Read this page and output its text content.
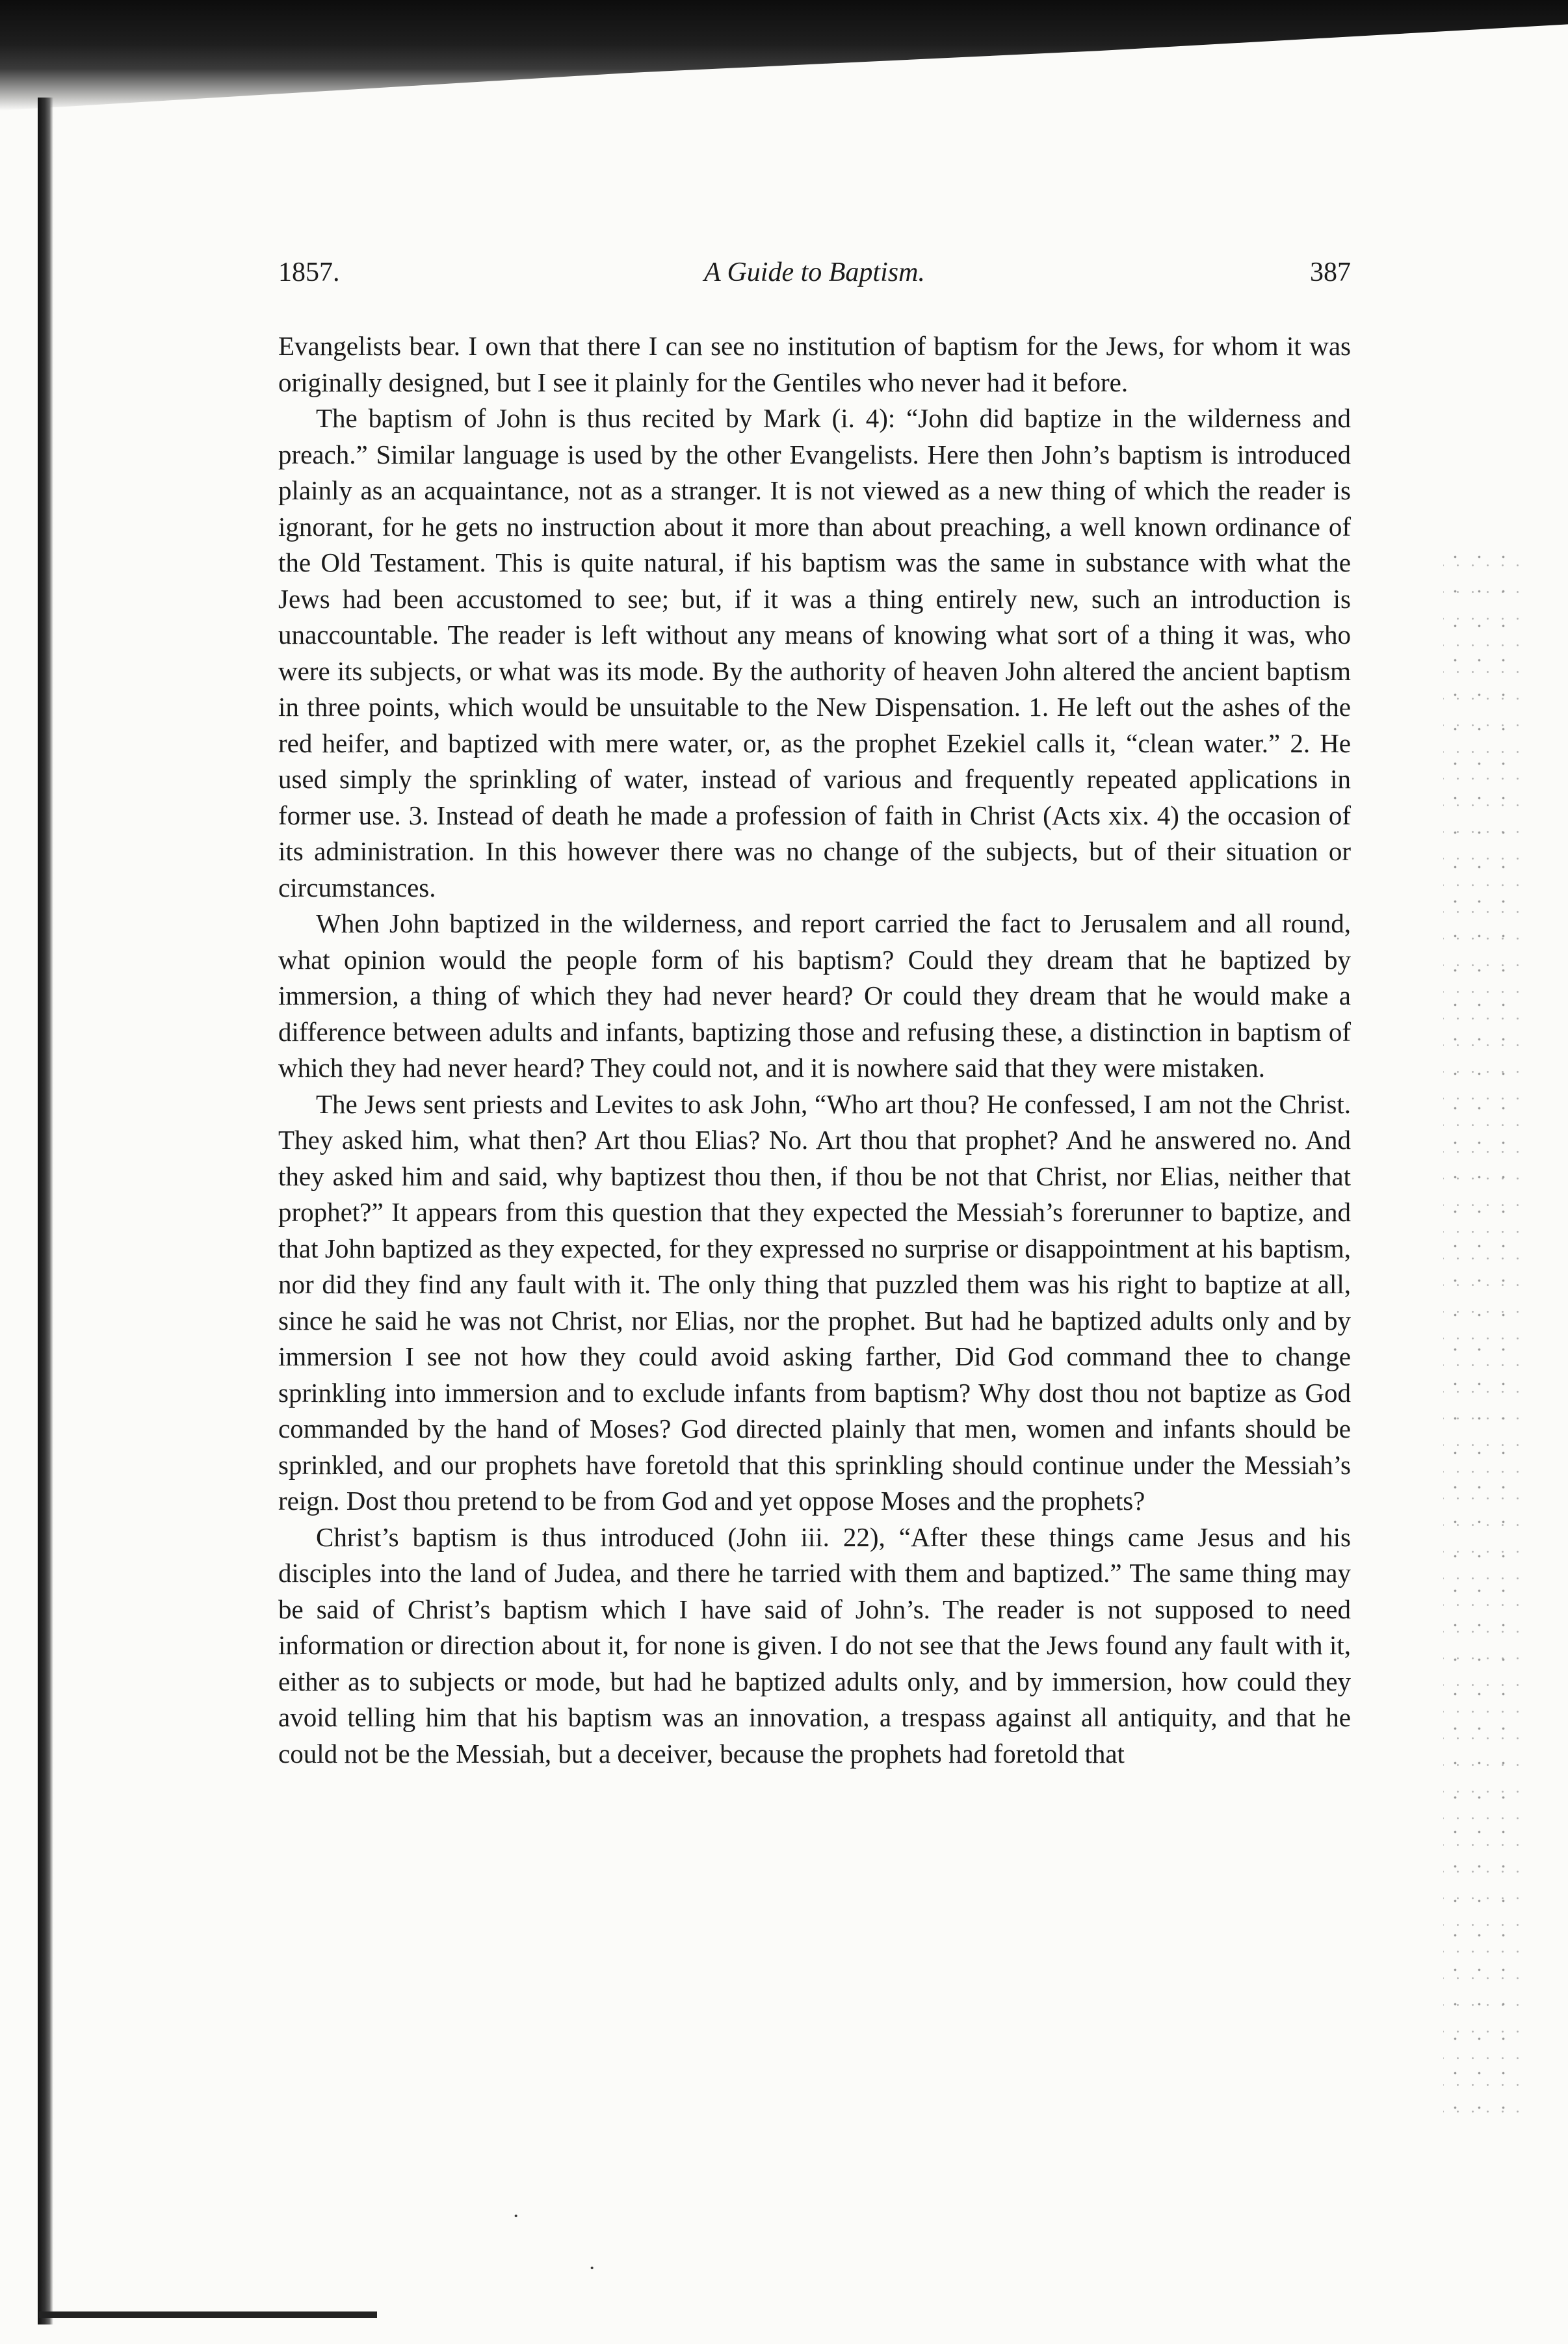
1857.	A Guide to Baptism.	387

Evangelists bear. I own that there I can see no institution of baptism for the Jews, for whom it was originally designed, but I see it plainly for the Gentiles who never had it before.

The baptism of John is thus recited by Mark (i. 4): “John did baptize in the wilderness and preach.” Similar language is used by the other Evangelists. Here then John’s baptism is introduced plainly as an acquaintance, not as a stranger. It is not viewed as a new thing of which the reader is ignorant, for he gets no instruction about it more than about preaching, a well known ordinance of the Old Testament. This is quite natural, if his baptism was the same in substance with what the Jews had been accustomed to see; but, if it was a thing entirely new, such an introduction is unaccountable. The reader is left without any means of knowing what sort of a thing it was, who were its subjects, or what was its mode. By the authority of heaven John altered the ancient baptism in three points, which would be unsuitable to the New Dispensation. 1. He left out the ashes of the red heifer, and baptized with mere water, or, as the prophet Ezekiel calls it, “clean water.” 2. He used simply the sprinkling of water, instead of various and frequently repeated applications in former use. 3. Instead of death he made a profession of faith in Christ (Acts xix. 4) the occasion of its administration. In this however there was no change of the subjects, but of their situation or circumstances.

When John baptized in the wilderness, and report carried the fact to Jerusalem and all round, what opinion would the people form of his baptism? Could they dream that he baptized by immersion, a thing of which they had never heard? Or could they dream that he would make a difference between adults and infants, baptizing those and refusing these, a distinction in baptism of which they had never heard? They could not, and it is nowhere said that they were mistaken.

The Jews sent priests and Levites to ask John, “Who art thou? He confessed, I am not the Christ. They asked him, what then? Art thou Elias? No. Art thou that prophet? And he answered no. And they asked him and said, why baptizest thou then, if thou be not that Christ, nor Elias, neither that prophet?” It appears from this question that they expected the Messiah’s forerunner to baptize, and that John baptized as they expected, for they expressed no surprise or disappointment at his baptism, nor did they find any fault with it. The only thing that puzzled them was his right to baptize at all, since he said he was not Christ, nor Elias, nor the prophet. But had he baptized adults only and by immersion I see not how they could avoid asking farther, Did God command thee to change sprinkling into immersion and to exclude infants from baptism? Why dost thou not baptize as God commanded by the hand of Moses? God directed plainly that men, women and infants should be sprinkled, and our prophets have foretold that this sprinkling should continue under the Messiah’s reign. Dost thou pretend to be from God and yet oppose Moses and the prophets?

Christ’s baptism is thus introduced (John iii. 22), “After these things came Jesus and his disciples into the land of Judea, and there he tarried with them and baptized.” The same thing may be said of Christ’s baptism which I have said of John’s. The reader is not supposed to need information or direction about it, for none is given. I do not see that the Jews found any fault with it, either as to subjects or mode, but had he baptized adults only, and by immersion, how could they avoid telling him that his baptism was an innovation, a trespass against all antiquity, and that he could not be the Messiah, but a deceiver, because the prophets had foretold that

·
·
